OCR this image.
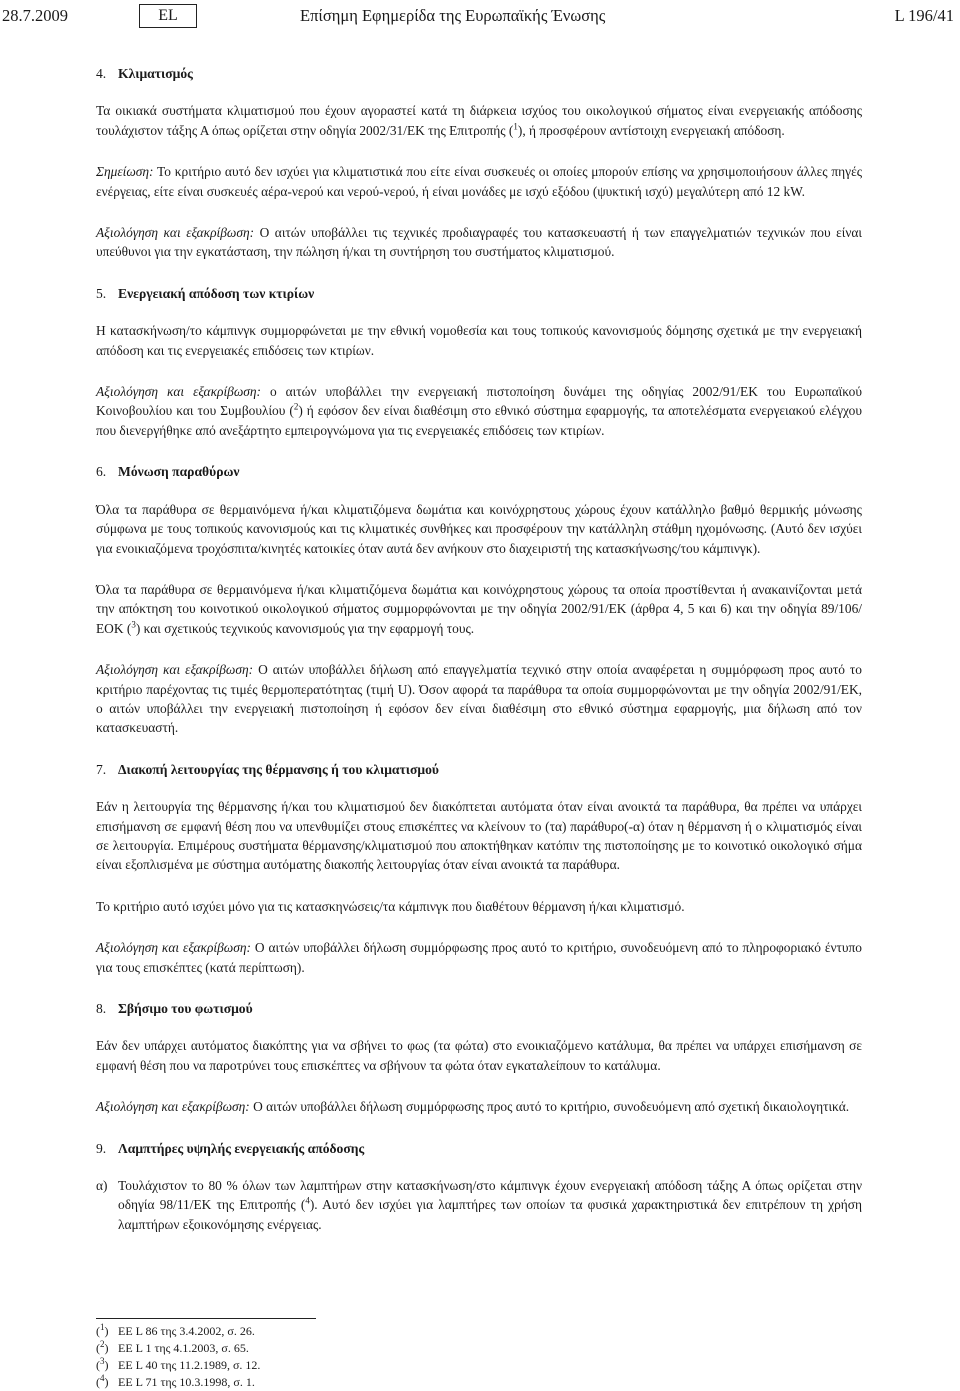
28.7.2009	EL	Επίσημη Εφημερίδα της Ευρωπαϊκής Ένωσης	L 196/41
4. Κλιματισμός

Τα οικιακά συστήματα κλιματισμού που έχουν αγοραστεί κατά τη διάρκεια ισχύος του οικολογικού σήματος είναι ενεργειακής απόδοσης τουλάχιστον τάξης Α όπως ορίζεται στην οδηγία 2002/31/ΕΚ της Επιτροπής ($^1$), ή προσφέρουν αντίστοιχη ενεργειακή απόδοση.

Σημείωση: Το κριτήριο αυτό δεν ισχύει για κλιματιστικά που είτε είναι συσκευές οι οποίες μπορούν επίσης να χρησιμοποιήσουν άλλες πηγές ενέργειας, είτε είναι συσκευές αέρα-νερού και νερού-νερού, ή είναι μονάδες με ισχύ εξόδου (ψυκτική ισχύ) μεγαλύτερη από 12 kW.

Αξιολόγηση και εξακρίβωση: Ο αιτών υποβάλλει τις τεχνικές προδιαγραφές του κατασκευαστή ή των επαγγελματιών τεχνικών που είναι υπεύθυνοι για την εγκατάσταση, την πώληση ή/και τη συντήρηση του συστήματος κλιματισμού.

5. Ενεργειακή απόδοση των κτιρίων

Η κατασκήνωση/το κάμπινγκ συμμορφώνεται με την εθνική νομοθεσία και τους τοπικούς κανονισμούς δόμησης σχετικά με την ενεργειακή απόδοση και τις ενεργειακές επιδόσεις των κτιρίων.

Αξιολόγηση και εξακρίβωση: ο αιτών υποβάλλει την ενεργειακή πιστοποίηση δυνάμει της οδηγίας 2002/91/ΕΚ του Ευρωπαϊκού Κοινοβουλίου και του Συμβουλίου ($^2$) ή εφόσον δεν είναι διαθέσιμη στο εθνικό σύστημα εφαρμογής, τα αποτελέσματα ενεργειακού ελέγχου που διενεργήθηκε από ανεξάρτητο εμπειρογνώμονα για τις ενεργειακές επιδόσεις των κτιρίων.

6. Μόνωση παραθύρων

Όλα τα παράθυρα σε θερμαινόμενα ή/και κλιματιζόμενα δωμάτια και κοινόχρηστους χώρους έχουν κατάλληλο βαθμό θερμικής μόνωσης σύμφωνα με τους τοπικούς κανονισμούς και τις κλιματικές συνθήκες και προσφέρουν την κατάλληλη στάθμη ηχομόνωσης. (Αυτό δεν ισχύει για ενοικιαζόμενα τροχόσπιτα/κινητές κατοικίες όταν αυτά δεν ανήκουν στο διαχειριστή της κατασκήνωσης/του κάμπινγκ).

Όλα τα παράθυρα σε θερμαινόμενα ή/και κλιματιζόμενα δωμάτια και κοινόχρηστους χώρους τα οποία προστίθενται ή ανακαινίζονται μετά την απόκτηση του κοινοτικού οικολογικού σήματος συμμορφώνονται με την οδηγία 2002/91/ΕΚ (άρθρα 4, 5 και 6) και την οδηγία 89/106/ΕΟΚ ($^3$) και σχετικούς τεχνικούς κανονισμούς για την εφαρμογή τους.

Αξιολόγηση και εξακρίβωση: Ο αιτών υποβάλλει δήλωση από επαγγελματία τεχνικό στην οποία αναφέρεται η συμμόρφωση προς αυτό το κριτήριο παρέχοντας τις τιμές θερμοπερατότητας (τιμή U). Όσον αφορά τα παράθυρα τα οποία συμμορφώνονται με την οδηγία 2002/91/ΕΚ, ο αιτών υποβάλλει την ενεργειακή πιστοποίηση ή εφόσον δεν είναι διαθέσιμη στο εθνικό σύστημα εφαρμογής, μια δήλωση από τον κατασκευαστή.

7. Διακοπή λειτουργίας της θέρμανσης ή του κλιματισμού

Εάν η λειτουργία της θέρμανσης ή/και του κλιματισμού δεν διακόπτεται αυτόματα όταν είναι ανοικτά τα παράθυρα, θα πρέπει να υπάρχει επισήμανση σε εμφανή θέση που να υπενθυμίζει στους επισκέπτες να κλείνουν το (τα) παράθυρο(-α) όταν η θέρμανση ή ο κλιματισμός είναι σε λειτουργία. Επιμέρους συστήματα θέρμανσης/κλιματισμού που αποκτήθηκαν κατόπιν της πιστοποίησης με το κοινοτικό οικολογικό σήμα είναι εξοπλισμένα με σύστημα αυτόματης διακοπής λειτουργίας όταν είναι ανοικτά τα παράθυρα.

Το κριτήριο αυτό ισχύει μόνο για τις κατασκηνώσεις/τα κάμπινγκ που διαθέτουν θέρμανση ή/και κλιματισμό.

Αξιολόγηση και εξακρίβωση: Ο αιτών υποβάλλει δήλωση συμμόρφωσης προς αυτό το κριτήριο, συνοδευόμενη από το πληροφοριακό έντυπο για τους επισκέπτες (κατά περίπτωση).

8. Σβήσιμο του φωτισμού

Εάν δεν υπάρχει αυτόματος διακόπτης για να σβήνει το φως (τα φώτα) στο ενοικιαζόμενο κατάλυμα, θα πρέπει να υπάρχει επισήμανση σε εμφανή θέση που να παροτρύνει τους επισκέπτες να σβήνουν τα φώτα όταν εγκαταλείπουν το κατάλυμα.

Αξιολόγηση και εξακρίβωση: Ο αιτών υποβάλλει δήλωση συμμόρφωσης προς αυτό το κριτήριο, συνοδευόμενη από σχετική δικαιολογητικά.

9. Λαμπτήρες υψηλής ενεργειακής απόδοσης
α) Τουλάχιστον το 80 % όλων των λαμπτήρων στην κατασκήνωση/στο κάμπινγκ έχουν ενεργειακή απόδοση τάξης Α όπως ορίζεται στην οδηγία 98/11/ΕΚ της Επιτροπής ($^4$). Αυτό δεν ισχύει για λαμπτήρες των οποίων τα φυσικά χαρακτηριστικά δεν επιτρέπουν τη χρήση λαμπτήρων εξοικονόμησης ενέργειας.
($^1$) ΕΕ L 86 της 3.4.2002, σ. 26.
($^2$) ΕΕ L 1 της 4.1.2003, σ. 65.
($^3$) ΕΕ L 40 της 11.2.1989, σ. 12.
($^4$) ΕΕ L 71 της 10.3.1998, σ. 1.
